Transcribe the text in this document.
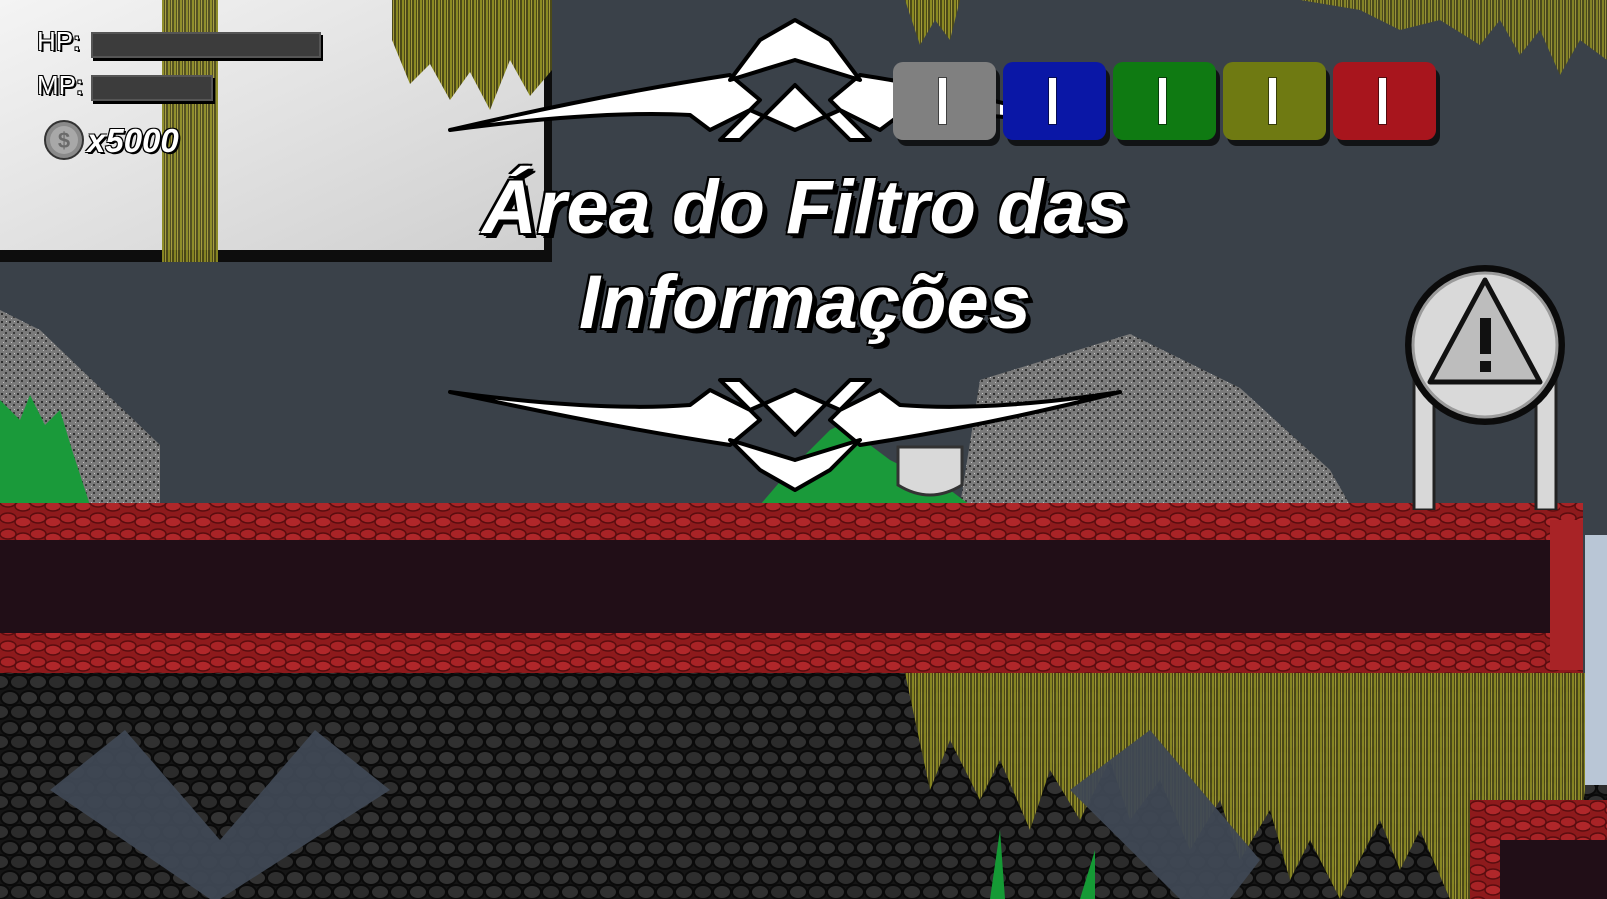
HP:
MP:
$ x5000
Área do Filtro das
Informações
